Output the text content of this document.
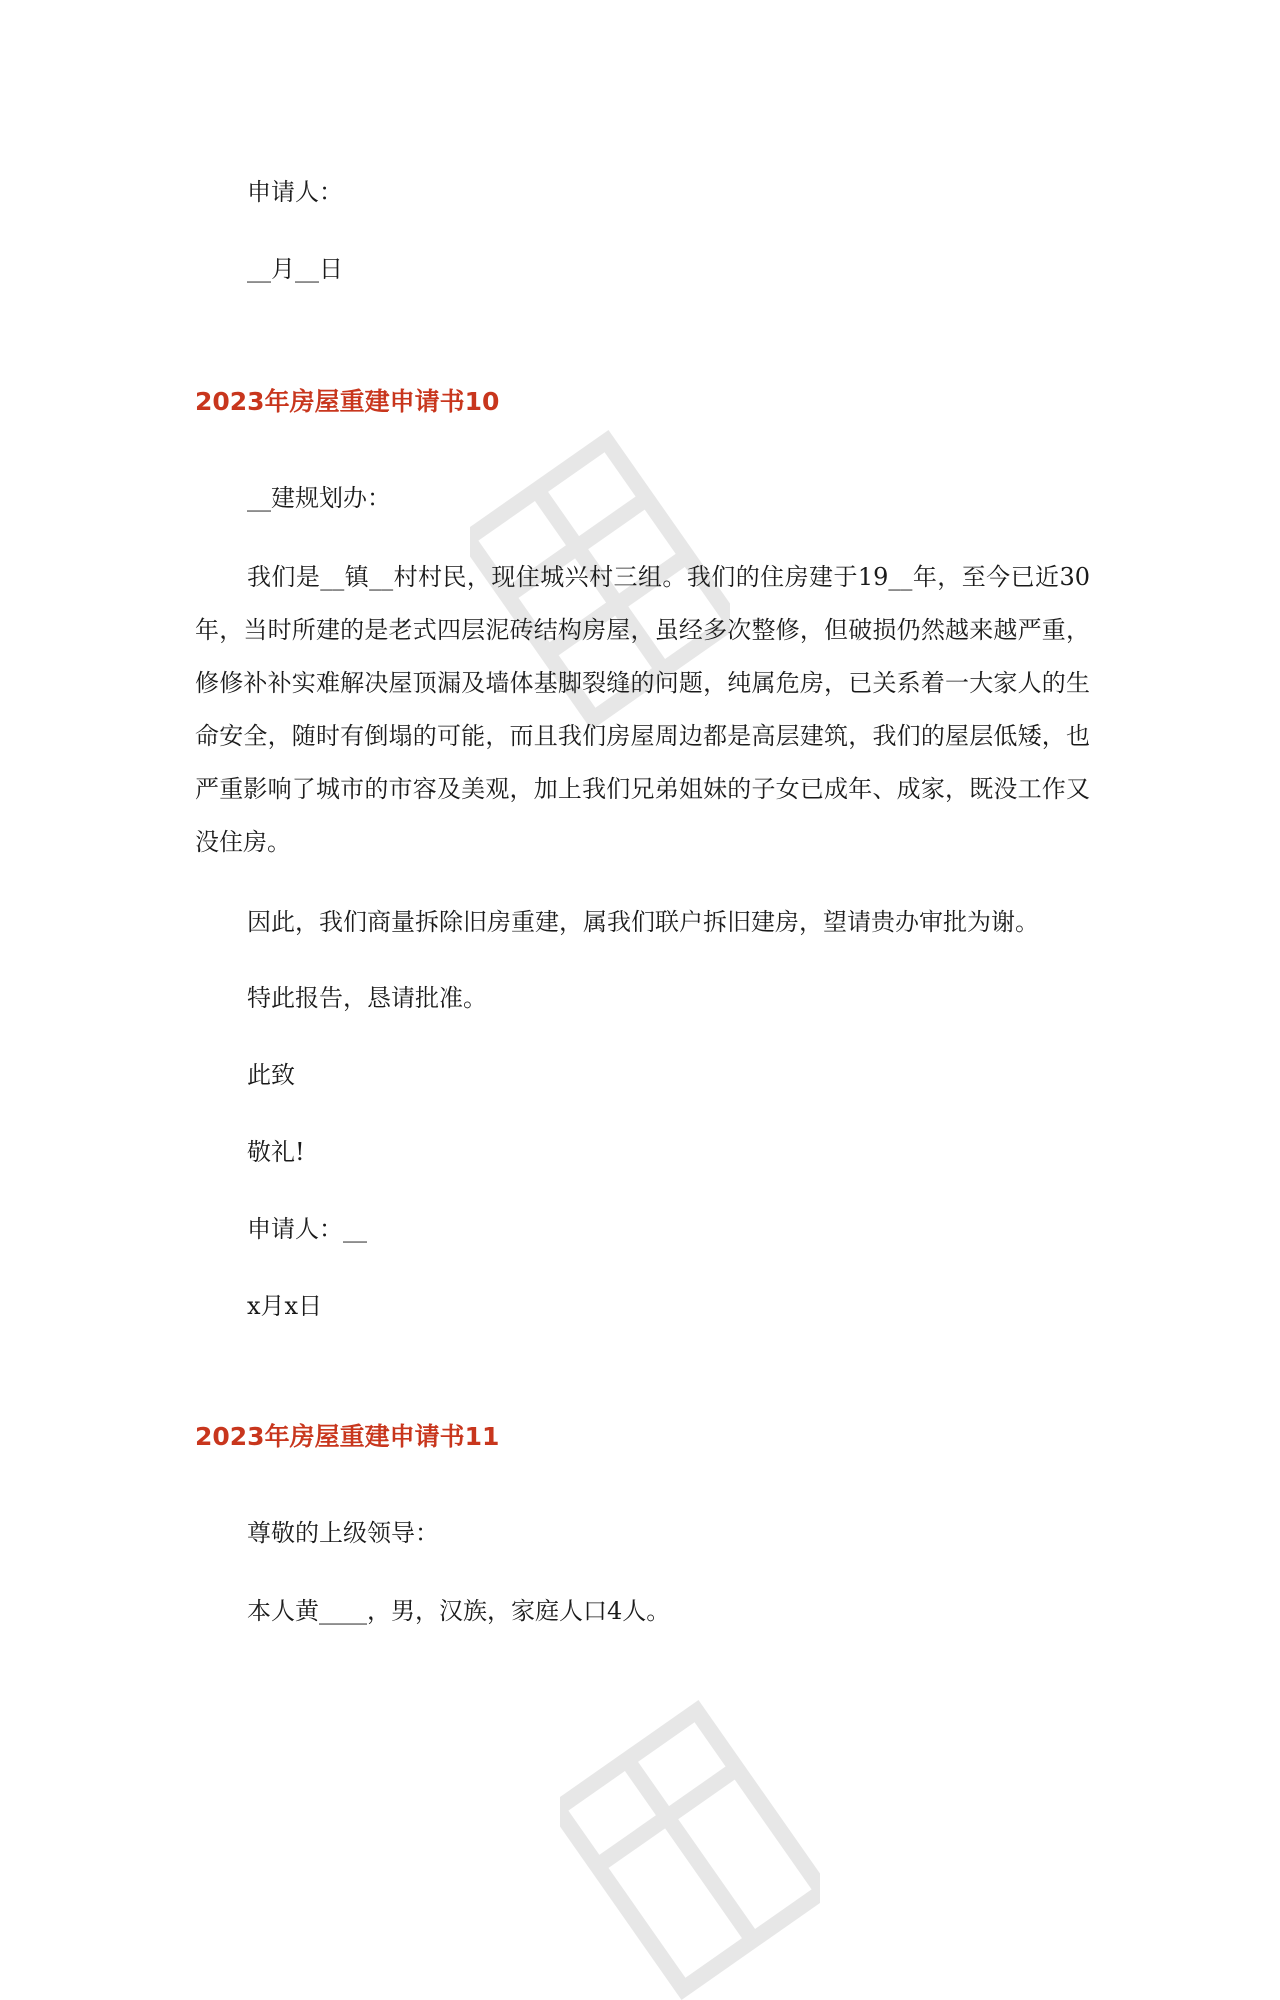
申请人：

__月__日

2023年房屋重建申请书10

__建规划办：

我们是__镇__村村民，现住城兴村三组。我们的住房建于19__年，至今已近30年，当时所建的是老式四层泥砖结构房屋，虽经多次整修，但破损仍然越来越严重，修修补补实难解决屋顶漏及墙体基脚裂缝的问题，纯属危房，已关系着一大家人的生命安全，随时有倒塌的可能，而且我们房屋周边都是高层建筑，我们的屋层低矮，也严重影响了城市的市容及美观，加上我们兄弟姐妹的子女已成年、成家，既没工作又没住房。

因此，我们商量拆除旧房重建，属我们联户拆旧建房，望请贵办审批为谢。

特此报告，恳请批准。

此致

敬礼!

申请人：__

x月x日

2023年房屋重建申请书11

尊敬的上级领导：

本人黄____，男，汉族，家庭人口4人。
